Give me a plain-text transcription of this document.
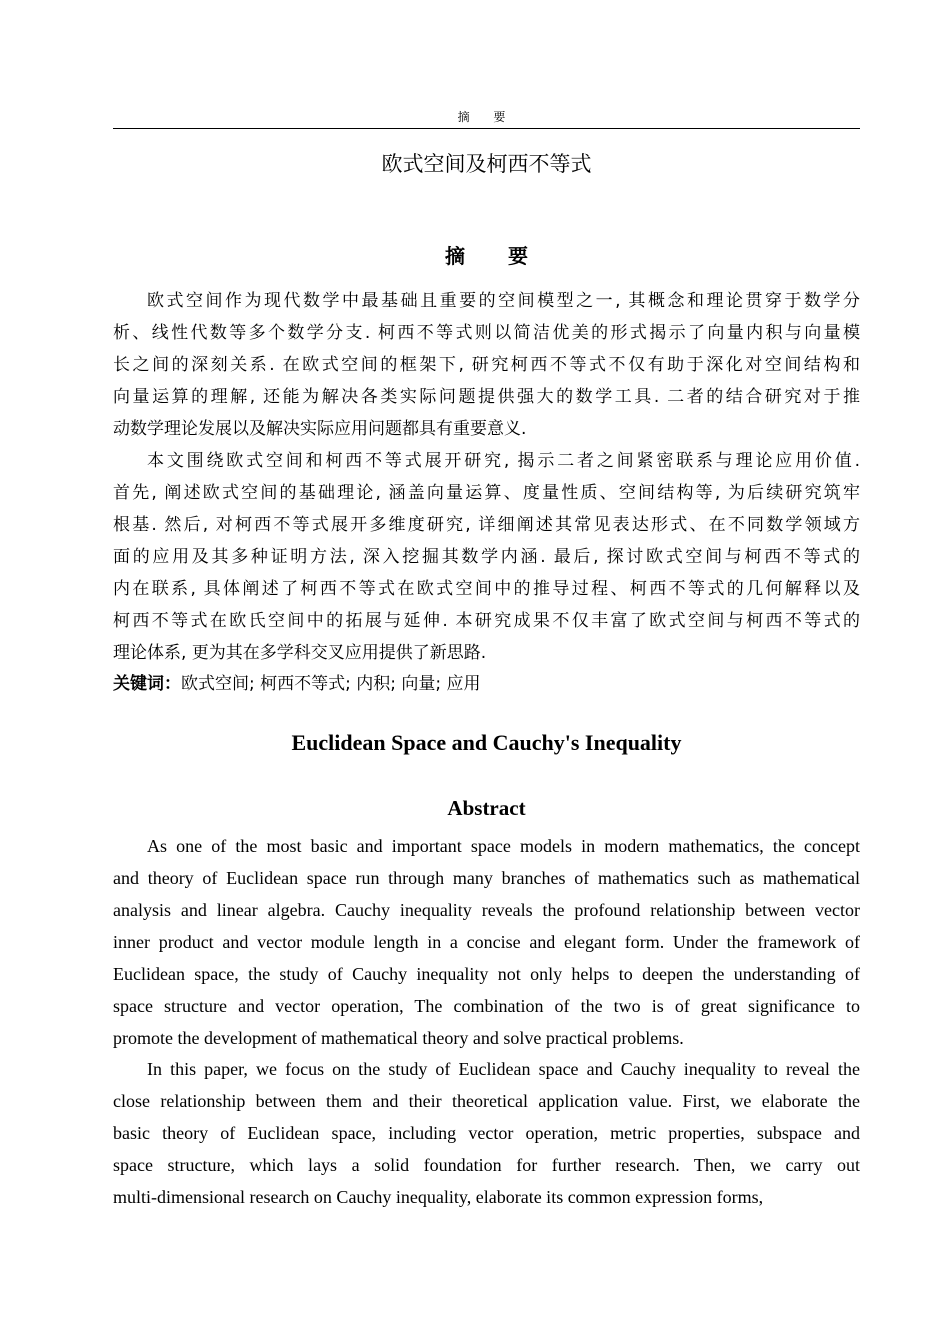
摘 要
欧式空间及柯西不等式
摘 要
欧式空间作为现代数学中最基础且重要的空间模型之一, 其概念和理论贯穿于数学分
析、线性代数等多个数学分支. 柯西不等式则以简洁优美的形式揭示了向量内积与向量模
长之间的深刻关系. 在欧式空间的框架下, 研究柯西不等式不仅有助于深化对空间结构和
向量运算的理解, 还能为解决各类实际问题提供强大的数学工具. 二者的结合研究对于推
动数学理论发展以及解决实际应用问题都具有重要意义.
本文围绕欧式空间和柯西不等式展开研究, 揭示二者之间紧密联系与理论应用价值.
首先, 阐述欧式空间的基础理论, 涵盖向量运算、度量性质、空间结构等, 为后续研究筑牢
根基. 然后, 对柯西不等式展开多维度研究, 详细阐述其常见表达形式、在不同数学领域方
面的应用及其多种证明方法, 深入挖掘其数学内涵. 最后, 探讨欧式空间与柯西不等式的
内在联系, 具体阐述了柯西不等式在欧式空间中的推导过程、柯西不等式的几何解释以及
柯西不等式在欧氏空间中的拓展与延伸. 本研究成果不仅丰富了欧式空间与柯西不等式的
理论体系, 更为其在多学科交叉应用提供了新思路.
关键词：欧式空间; 柯西不等式; 内积; 向量; 应用
Euclidean Space and Cauchy's Inequality
Abstract
As one of the most basic and important space models in modern mathematics, the concept
and theory of Euclidean space run through many branches of mathematics such as mathematical
analysis and linear algebra. Cauchy inequality reveals the profound relationship between vector
inner product and vector module length in a concise and elegant form. Under the framework of
Euclidean space, the study of Cauchy inequality not only helps to deepen the understanding of
space structure and vector operation, The combination of the two is of great significance to
promote the development of mathematical theory and solve practical problems.
In this paper, we focus on the study of Euclidean space and Cauchy inequality to reveal the
close relationship between them and their theoretical application value. First, we elaborate the
basic theory of Euclidean space, including vector operation, metric properties, subspace and
space structure, which lays a solid foundation for further research. Then, we carry out
multi-dimensional research on Cauchy inequality, elaborate its common expression forms,
